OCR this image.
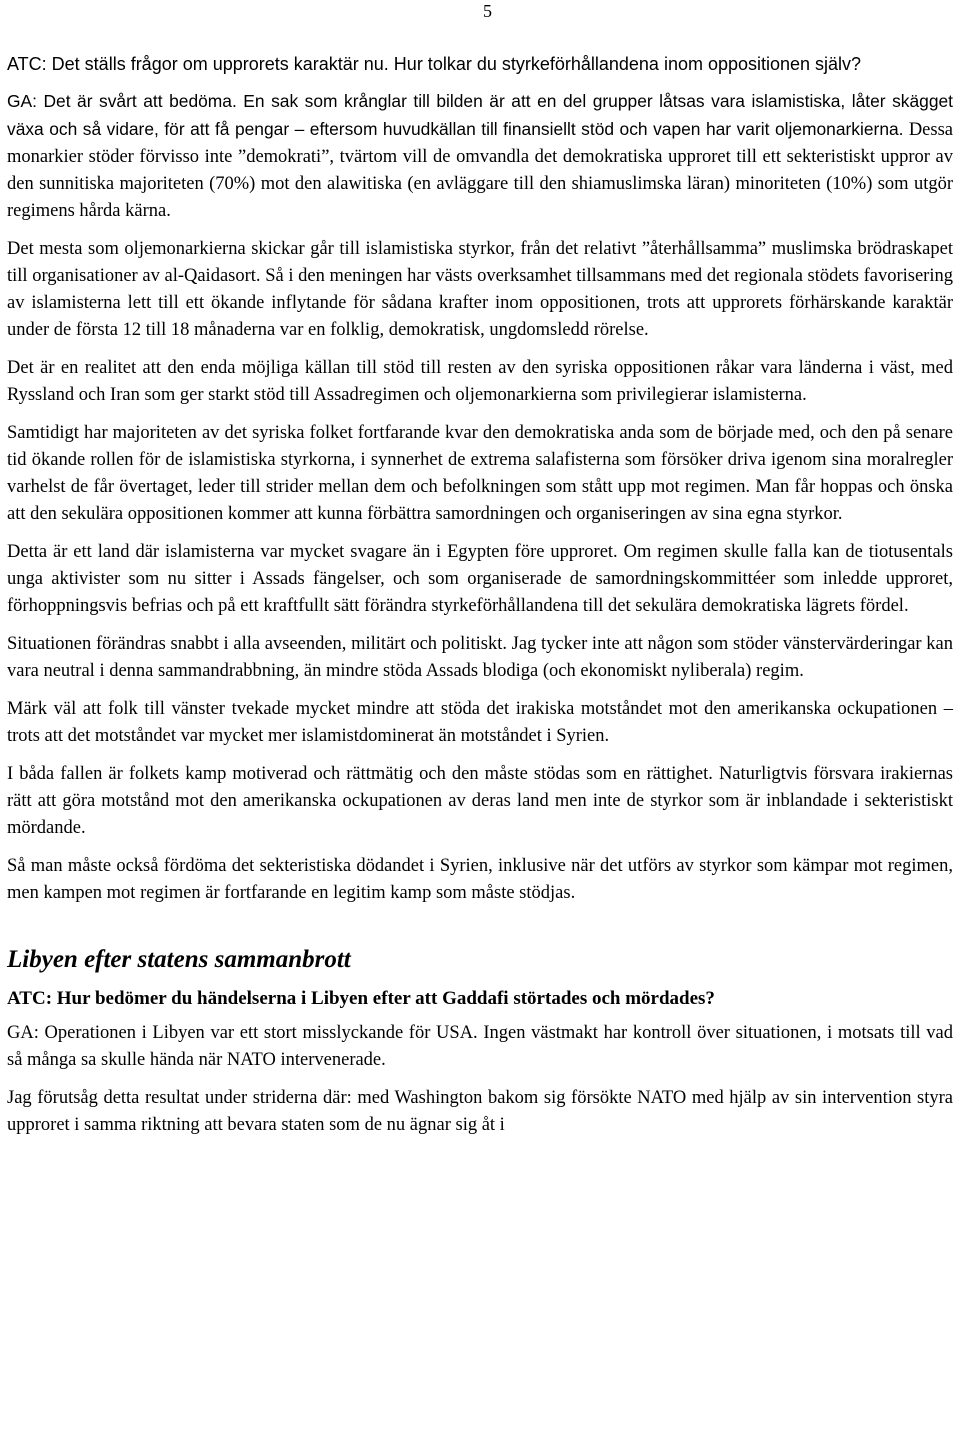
5

ATC: Det ställs frågor om upprorets karaktär nu. Hur tolkar du styrkeförhållandena inom oppositionen själv?

GA: Det är svårt att bedöma. En sak som krånglar till bilden är att en del grupper låtsas vara islamistiska, låter skägget växa och så vidare, för att få pengar – eftersom huvudkällan till finansiellt stöd och vapen har varit oljemonarkierna. Dessa monarkier stöder förvisso inte ”demokrati”, tvärtom vill de omvandla det demokratiska upproret till ett sekteristiskt uppror av den sunnitiska majoriteten (70%) mot den alawitiska (en avläggare till den shiamuslimska läran) minoriteten (10%) som utgör regimens hårda kärna.

Det mesta som oljemonarkierna skickar går till islamistiska styrkor, från det relativt ”återhållsamma” muslimska brödraskapet till organisationer av al-Qaidasort. Så i den meningen har västs overksamhet tillsammans med det regionala stödets favorisering av islamisterna lett till ett ökande inflytande för sådana krafter inom oppositionen, trots att upprorets förhärskande karaktär under de första 12 till 18 månaderna var en folklig, demokratisk, ungdomsledd rörelse.

Det är en realitet att den enda möjliga källan till stöd till resten av den syriska oppositionen råkar vara länderna i väst, med Ryssland och Iran som ger starkt stöd till Assadregimen och oljemonarkierna som privilegierar islamisterna.

Samtidigt har majoriteten av det syriska folket fortfarande kvar den demokratiska anda som de började med, och den på senare tid ökande rollen för de islamistiska styrkorna, i synnerhet de extrema salafisterna som försöker driva igenom sina moralregler varhelst de får övertaget, leder till strider mellan dem och befolkningen som stått upp mot regimen. Man får hoppas och önska att den sekulära oppositionen kommer att kunna förbättra samordningen och organiseringen av sina egna styrkor.

Detta är ett land där islamisterna var mycket svagare än i Egypten före upproret. Om regimen skulle falla kan de tiotusentals unga aktivister som nu sitter i Assads fängelser, och som organiserade de samordningskommittéer som inledde upproret, förhoppningsvis befrias och på ett kraftfullt sätt förändra styrkeförhållandena till det sekulära demokratiska lägrets fördel.

Situationen förändras snabbt i alla avseenden, militärt och politiskt. Jag tycker inte att någon som stöder vänstervärderingar kan vara neutral i denna sammandrabbning, än mindre stöda Assads blodiga (och ekonomiskt nyliberala) regim.

Märk väl att folk till vänster tvekade mycket mindre att stöda det irakiska motståndet mot den amerikanska ockupationen – trots att det motståndet var mycket mer islamistdominerat än motståndet i Syrien.

I båda fallen är folkets kamp motiverad och rättmätig och den måste stödas som en rättighet. Naturligtvis försvara irakiernas rätt att göra motstånd mot den amerikanska ockupationen av deras land men inte de styrkor som är inblandade i sekteristiskt mördande.

Så man måste också fördöma det sekteristiska dödandet i Syrien, inklusive när det utförs av styrkor som kämpar mot regimen, men kampen mot regimen är fortfarande en legitim kamp som måste stödjas.

Libyen efter statens sammanbrott

ATC: Hur bedömer du händelserna i Libyen efter att Gaddafi störtades och mördades?

GA: Operationen i Libyen var ett stort misslyckande för USA. Ingen västmakt har kontroll över situationen, i motsats till vad så många sa skulle hända när NATO intervenerade.

Jag förutsåg detta resultat under striderna där: med Washington bakom sig försökte NATO med hjälp av sin intervention styra upproret i samma riktning att bevara staten som de nu ägnar sig åt i
